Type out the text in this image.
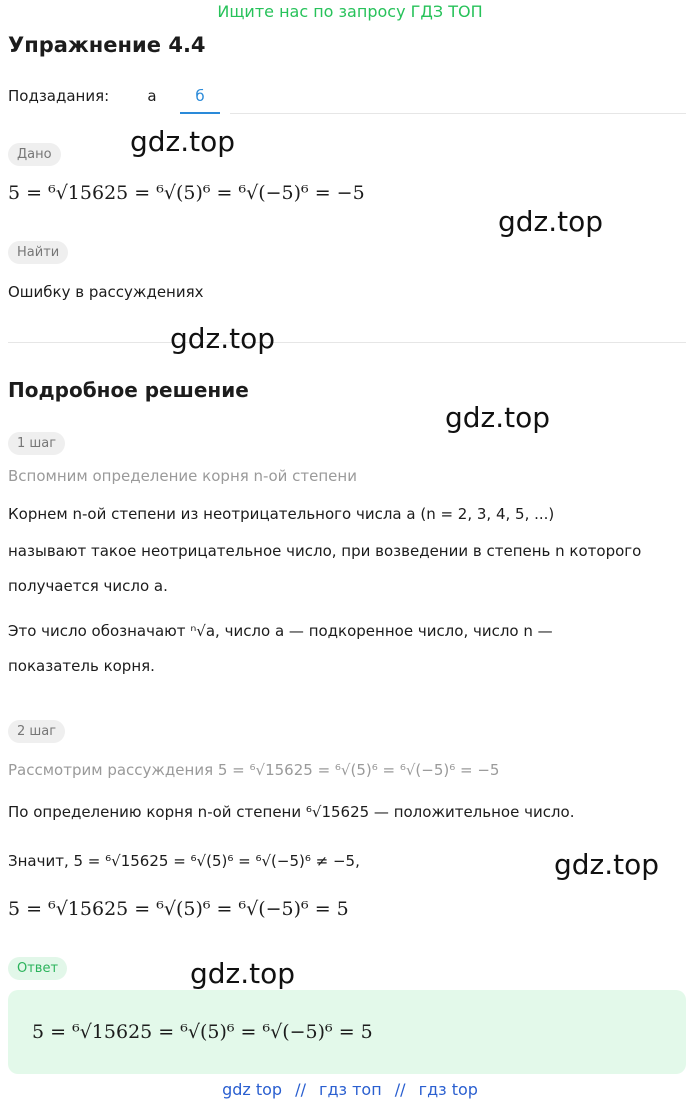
Ищите нас по запросу ГДЗ ТОП
Упражнение 4.4
Подзадания:	а	б
Дано
5 = ⁶√15625 = ⁶√(5)⁶ = ⁶√(−5)⁶ = −5
Найти
Ошибку в рассуждениях
Подробное решение
1 шаг
Вспомним определение корня n-ой степени
Корнем n-ой степени из неотрицательного числа a (n = 2, 3, 4, 5, ...)
называют такое неотрицательное число, при возведении в степень n которого
получается число a.
Это число обозначают ⁿ√a, число a — подкоренное число, число n —
показатель корня.
2 шаг
Рассмотрим рассуждения 5 = ⁶√15625 = ⁶√(5)⁶ = ⁶√(−5)⁶ = −5
По определению корня n-ой степени ⁶√15625 — положительное число.
Значит, 5 = ⁶√15625 = ⁶√(5)⁶ = ⁶√(−5)⁶ ≠ −5,
5 = ⁶√15625 = ⁶√(5)⁶ = ⁶√(−5)⁶ = 5
Ответ
5 = ⁶√15625 = ⁶√(5)⁶ = ⁶√(−5)⁶ = 5
gdz.top
gdz.top
gdz.top
gdz.top
gdz.top
gdz.top
gdz top // гдз топ // гдз top
